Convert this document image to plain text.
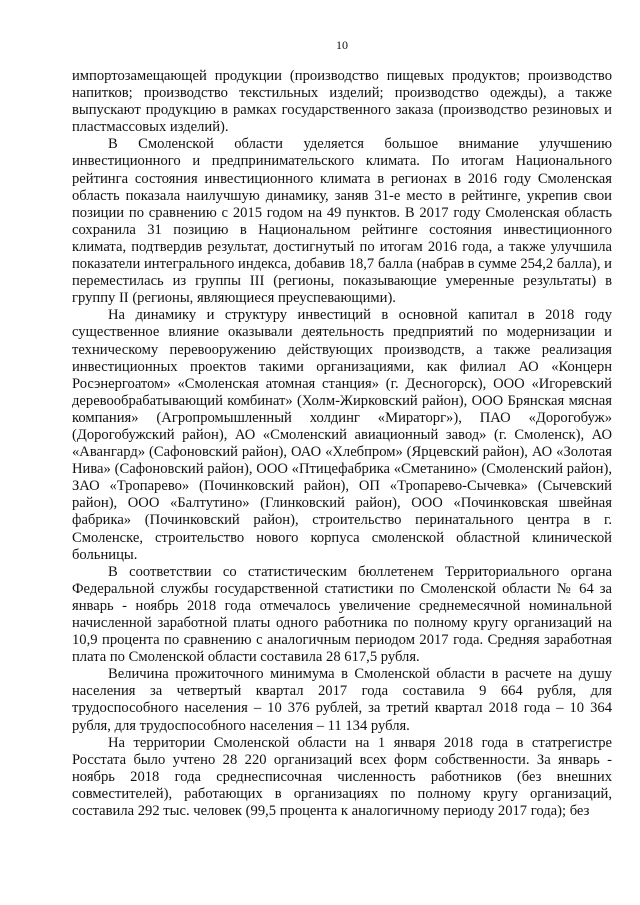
10

импортозамещающей продукции (производство пищевых продуктов; производство напитков; производство текстильных изделий; производство одежды), а также выпускают продукцию в рамках государственного заказа (производство резиновых и пластмассовых изделий).

В Смоленской области уделяется большое внимание улучшению инвестиционного и предпринимательского климата. По итогам Национального рейтинга состояния инвестиционного климата в регионах в 2016 году Смоленская область показала наилучшую динамику, заняв 31-е место в рейтинге, укрепив свои позиции по сравнению с 2015 годом на 49 пунктов. В 2017 году Смоленская область сохранила 31 позицию в Национальном рейтинге состояния инвестиционного климата, подтвердив результат, достигнутый по итогам 2016 года, а также улучшила показатели интегрального индекса, добавив 18,7 балла (набрав в сумме 254,2 балла), и переместилась из группы III (регионы, показывающие умеренные результаты) в группу II (регионы, являющиеся преуспевающими).

На динамику и структуру инвестиций в основной капитал в 2018 году существенное влияние оказывали деятельность предприятий по модернизации и техническому перевооружению действующих производств, а также реализация инвестиционных проектов такими организациями, как филиал АО «Концерн Росэнергоатом» «Смоленская атомная станция» (г. Десногорск), ООО «Игоревский деревообрабатывающий комбинат» (Холм-Жирковский район), ООО Брянская мясная компания» (Агропромышленный холдинг «Мираторг»), ПАО «Дорогобуж» (Дорогобужский район), АО «Смоленский авиационный завод» (г. Смоленск), АО «Авангард» (Сафоновский район), ОАО «Хлебпром» (Ярцевский район), АО «Золотая Нива» (Сафоновский район), ООО «Птицефабрика «Сметанино» (Смоленский район), ЗАО «Тропарево» (Починковский район), ОП «Тропарево-Сычевка» (Сычевский район), ООО «Балтутино» (Глинковский район), ООО «Починковская швейная фабрика» (Починковский район), строительство перинатального центра в г. Смоленске, строительство нового корпуса смоленской областной клинической больницы.

В соответствии со статистическим бюллетенем Территориального органа Федеральной службы государственной статистики по Смоленской области № 64 за январь - ноябрь 2018 года отмечалось увеличение среднемесячной номинальной начисленной заработной платы одного работника по полному кругу организаций на 10,9 процента по сравнению с аналогичным периодом 2017 года. Средняя заработная плата по Смоленской области составила 28 617,5 рубля.

Величина прожиточного минимума в Смоленской области в расчете на душу населения за четвертый квартал 2017 года составила 9 664 рубля, для трудоспособного населения – 10 376 рублей, за третий квартал 2018 года – 10 364 рубля, для трудоспособного населения – 11 134 рубля.

На территории Смоленской области на 1 января 2018 года в статрегистре Росстата было учтено 28 220 организаций всех форм собственности. За январь - ноябрь 2018 года среднесписочная численность работников (без внешних совместителей), работающих в организациях по полному кругу организаций, составила 292 тыс. человек (99,5 процента к аналогичному периоду 2017 года); без
